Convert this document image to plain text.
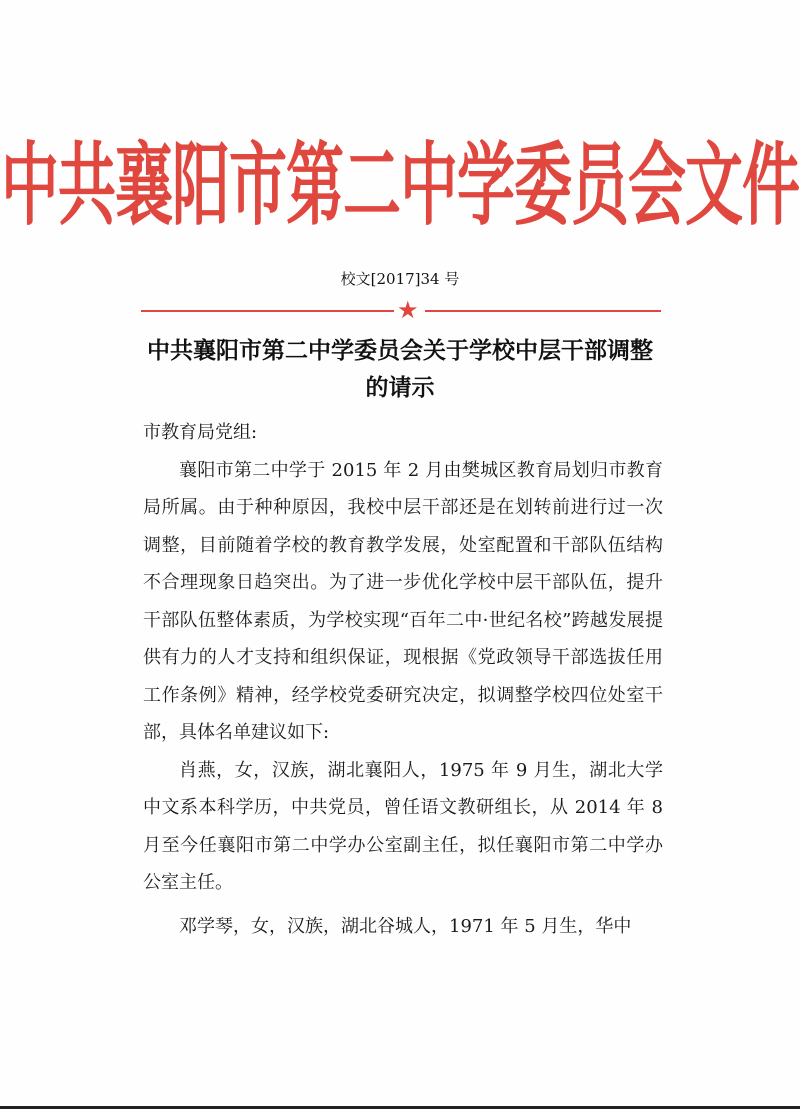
中共襄阳市第二中学委员会文件
校文[2017]34 号
★
中共襄阳市第二中学委员会关于学校中层干部调整
的请示

市教育局党组:

襄阳市第二中学于 2015 年 2 月由樊城区教育局划归市教育局所属。由于种种原因，我校中层干部还是在划转前进行过一次调整，目前随着学校的教育教学发展，处室配置和干部队伍结构不合理现象日趋突出。为了进一步优化学校中层干部队伍，提升干部队伍整体素质，为学校实现“百年二中·世纪名校”跨越发展提供有力的人才支持和组织保证，现根据《党政领导干部选拔任用工作条例》精神，经学校党委研究决定，拟调整学校四位处室干部，具体名单建议如下:

肖燕，女，汉族，湖北襄阳人，1975 年 9 月生，湖北大学中文系本科学历，中共党员，曾任语文教研组长，从 2014 年 8 月至今任襄阳市第二中学办公室副主任，拟任襄阳市第二中学办公室主任。

邓学琴，女，汉族，湖北谷城人，1971 年 5 月生，华中
